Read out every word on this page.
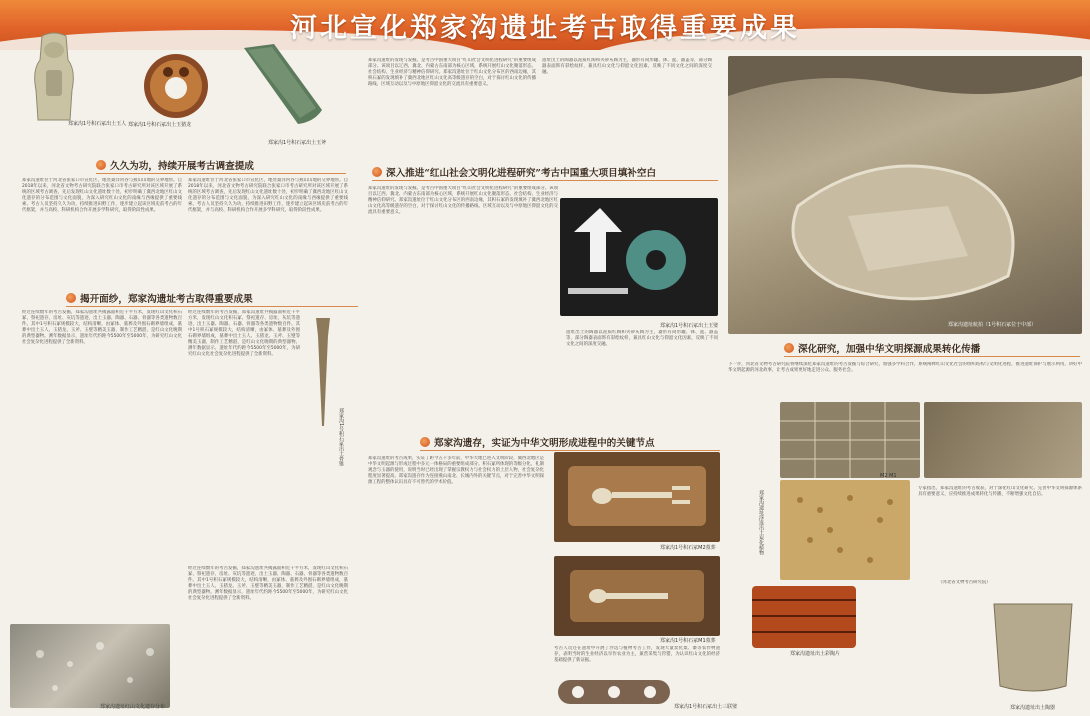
河北宣化郑家沟遗址考古取得重要成果
郑家沟1号积石冢出土玉人 郑家沟1号积石冢出土玉猪龙
郑家沟1号积石冢出土玉斧
久久为功，持续开展考古调查提成
郑家沟遗址位于河北省张家口市宣化区，地处桑洋河谷与燕山山地的交界地带。自2018年以来，河北省文物考古研究院联合张家口市考古研究所对该区域开展了系统的区域考古调查，先后发现红山文化遗址数十处，初步明确了冀西北地区红山文化遗存的分布范围与文化面貌，为深入研究红山文化的南缘与西缘提供了重要线索。考古人员坚持久久为功，持续推进田野工作，逐步建立起该区域史前考古的年代框架，并与高校、科研机构合作开展多学科研究，取得阶段性成果。
郑家沟遗址位于河北省张家口市宣化区，地处桑洋河谷与燕山山地的交界地带。自2018年以来，河北省文物考古研究院联合张家口市考古研究所对该区域开展了系统的区域考古调查，先后发现红山文化遗址数十处，初步明确了冀西北地区红山文化遗存的分布范围与文化面貌，为深入研究红山文化的南缘与西缘提供了重要线索。考古人员坚持久久为功，持续推进田野工作，逐步建立起该区域史前考古的年代框架，并与高校、科研机构合作开展多学科研究，取得阶段性成果。
揭开面纱，郑家沟遗址考古取得重要成果
经过连续数年的考古发掘，郑家沟遗址共揭露面积近千平方米，发现红山文化积石冢、祭祀遗存、房址、灰坑等遗迹，出土玉器、陶器、石器、骨器等各类遗物数百件。其中1号积石冢规模较大，结构清晰，由冢体、墓葬及外围石砌界墙组成，墓葬中出土玉人、玉猪龙、玉斧、玉璧等精美玉器，制作工艺精湛，是红山文化晚期的典型器物。测年数据显示，遗址年代约距今5500年至5000年，为研究红山文化社会复杂化进程提供了全新资料。
经过连续数年的考古发掘，郑家沟遗址共揭露面积近千平方米，发现红山文化积石冢、祭祀遗存、房址、灰坑等遗迹，出土玉器、陶器、石器、骨器等各类遗物数百件。其中1号积石冢规模较大，结构清晰，由冢体、墓葬及外围石砌界墙组成，墓葬中出土玉人、玉猪龙、玉斧、玉璧等精美玉器，制作工艺精湛，是红山文化晚期的典型器物。测年数据显示，遗址年代约距今5500年至5000年，为研究红山文化社会复杂化进程提供了全新资料。
郑家沟1号积石冢出土骨锥
郑家沟遗址红山文化遗存分布
经过连续数年的考古发掘，郑家沟遗址共揭露面积近千平方米，发现红山文化积石冢、祭祀遗存、房址、灰坑等遗迹，出土玉器、陶器、石器、骨器等各类遗物数百件。其中1号积石冢规模较大，结构清晰，由冢体、墓葬及外围石砌界墙组成，墓葬中出土玉人、玉猪龙、玉斧、玉璧等精美玉器，制作工艺精湛，是红山文化晚期的典型器物。测年数据显示，遗址年代约距今5500年至5000年，为研究红山文化社会复杂化进程提供了全新资料。
郑家沟遗址的发现与发掘，是考古中国重大项目“红山社会文明化进程研究”的重要组成部分。该项目以辽西、冀北、内蒙古东南部为核心区域，系统开展红山文化聚落形态、社会结构、生业经济与精神信仰研究。郑家沟遗址位于红山文化分布区的西南边缘，其积石冢的发现填补了冀西北地区红山文化高等级遗存的空白，对于探讨红山文化的传播路线、区域互动以及与中原地区仰韶文化的交流具有重要意义。
遗址出土的陶器以泥质红陶和夹砂灰陶为主，器形有筒形罐、钵、盆、器盖等，部分陶器表面饰有彩绘纹样，兼具红山文化与仰韶文化因素，反映了不同文化之间的深度交融。
深入推进“红山社会文明化进程研究”考古中国重大项目填补空白
郑家沟遗址的发现与发掘，是考古中国重大项目“红山社会文明化进程研究”的重要组成部分。该项目以辽西、冀北、内蒙古东南部为核心区域，系统开展红山文化聚落形态、社会结构、生业经济与精神信仰研究。郑家沟遗址位于红山文化分布区的西南边缘，其积石冢的发现填补了冀西北地区红山文化高等级遗存的空白，对于探讨红山文化的传播路线、区域互动以及与中原地区仰韶文化的交流具有重要意义。
郑家沟1号积石冢出土玉璧
遗址出土的陶器以泥质红陶和夹砂灰陶为主，器形有筒形罐、钵、盆、器盖等，部分陶器表面饰有彩绘纹样，兼具红山文化与仰韶文化因素，反映了不同文化之间的深度交融。
郑家沟遗存，实证为中华文明形成进程中的关键节点
郑家沟遗址的考古成果，实证了距今五千多年前，中华大地已进入文明阶段，冀西北地区是中华文明起源与形成过程中多元一体格局的重要组成部分。积石冢所体现的等级分化、礼制观念与玉器的使用，说明当时已经出现了掌握宗教权力与社会权力的上层人物，社会复杂化程度显著提高。郑家沟遗存作为连接燕山南北、长城内外的关键节点，对于完善中华文明探源工程的整体认识具有不可替代的学术价值。
郑家沟1号积石冢M2墓葬
郑家沟1号积石冢M1墓葬
考古人员还在遗址中开展了浮选与植物考古工作，发现大量炭化粟、黍等农作物遗存，表明当时的生业经济以旱作农业为主，兼营采集与狩猎，为认识红山文化的经济基础提供了新证据。
郑家沟1号积石冢出土三联璧
郑家沟遗址航拍（1号积石冢位于中部）
深化研究，加强中华文明探源成果转化传播
下一步，河北省文物考古研究院将继续深化郑家沟遗址的考古发掘与综合研究，加强多学科合作，系统阐释红山文化社会的组织结构与文明化进程，推进遗址保护与展示利用，讲好中华文明起源的河北故事，让考古成果更好地走进公众、服务社会。
M2 M1
郑家沟遗址浮选出土炭化植物
专家指出，郑家沟遗址的考古收获，对于深化红山文化研究、完善中华文明探源体系具有重要意义，应持续推进成果转化与传播，不断增强文化自信。
（河北省文物考古研究院）
郑家沟遗址出土彩陶片
郑家沟遗址出土陶器
